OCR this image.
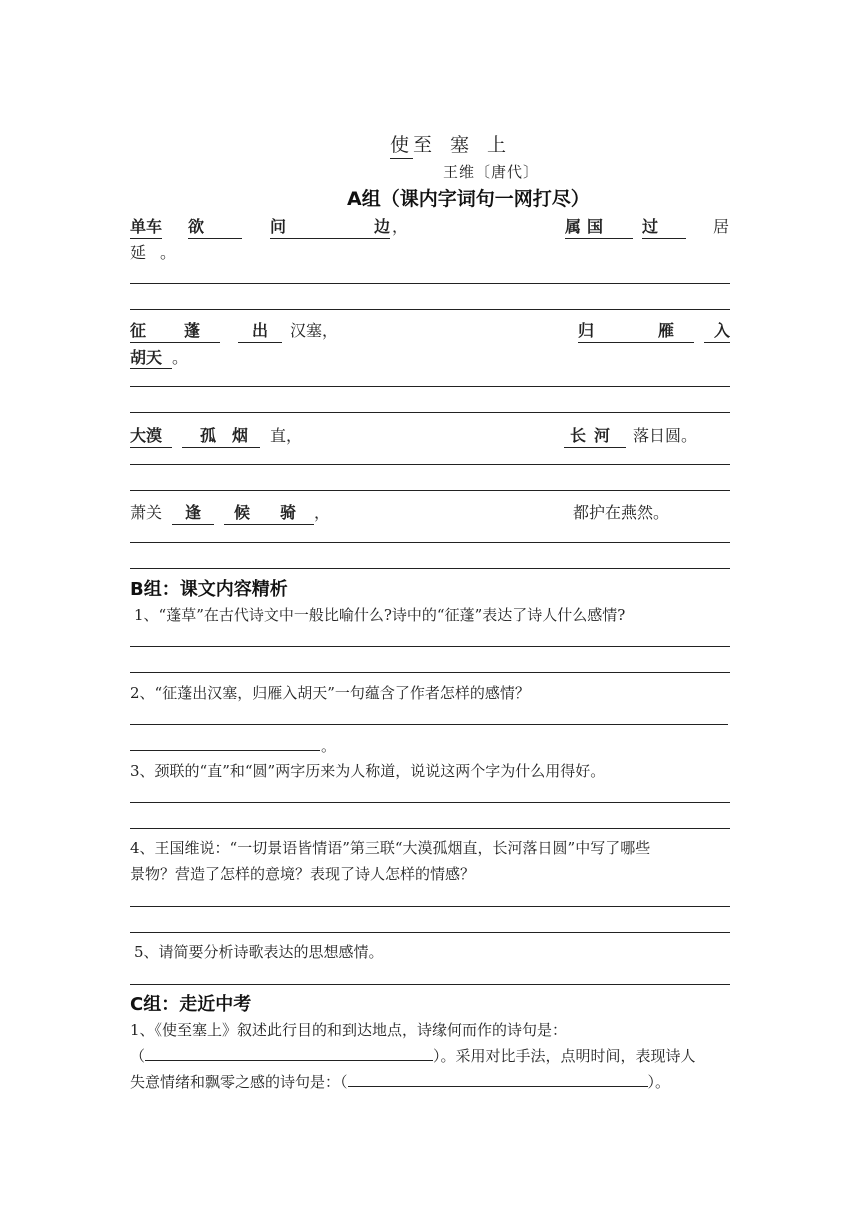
使 至塞上
王维〔唐代〕
A组（课内字词句一网打尽）
单车 欲	问	边 ，	属国	过	居
延 。
征	蓬	出	汉塞，	归	雁	入
胡天 。
大漠	孤 烟 直，	长河 落日圆。
萧关	逢	候	骑 ，	都护在燕然。
B组：课文内容精析
1、“蓬草”在古代诗文中一般比喻什么?诗中的“征蓬”表达了诗人什么感情?
2、“征蓬出汉塞，归雁入胡天”一句蕴含了作者怎样的感情？
。
3、颈联的“直”和“圆”两字历来为人称道，说说这两个字为什么用得好。
4、王国维说：“一切景语皆情语”第三联“大漠孤烟直，长河落日圆”中写了哪些
景物？营造了怎样的意境？表现了诗人怎样的情感？
5、请简要分析诗歌表达的思想感情。
C组：走近中考
1、《使至塞上》叙述此行目的和到达地点，诗缘何而作的诗句是：
（	）。采用对比手法，点明时间，表现诗人
失意情绪和飘零之感的诗句是：（	）。
